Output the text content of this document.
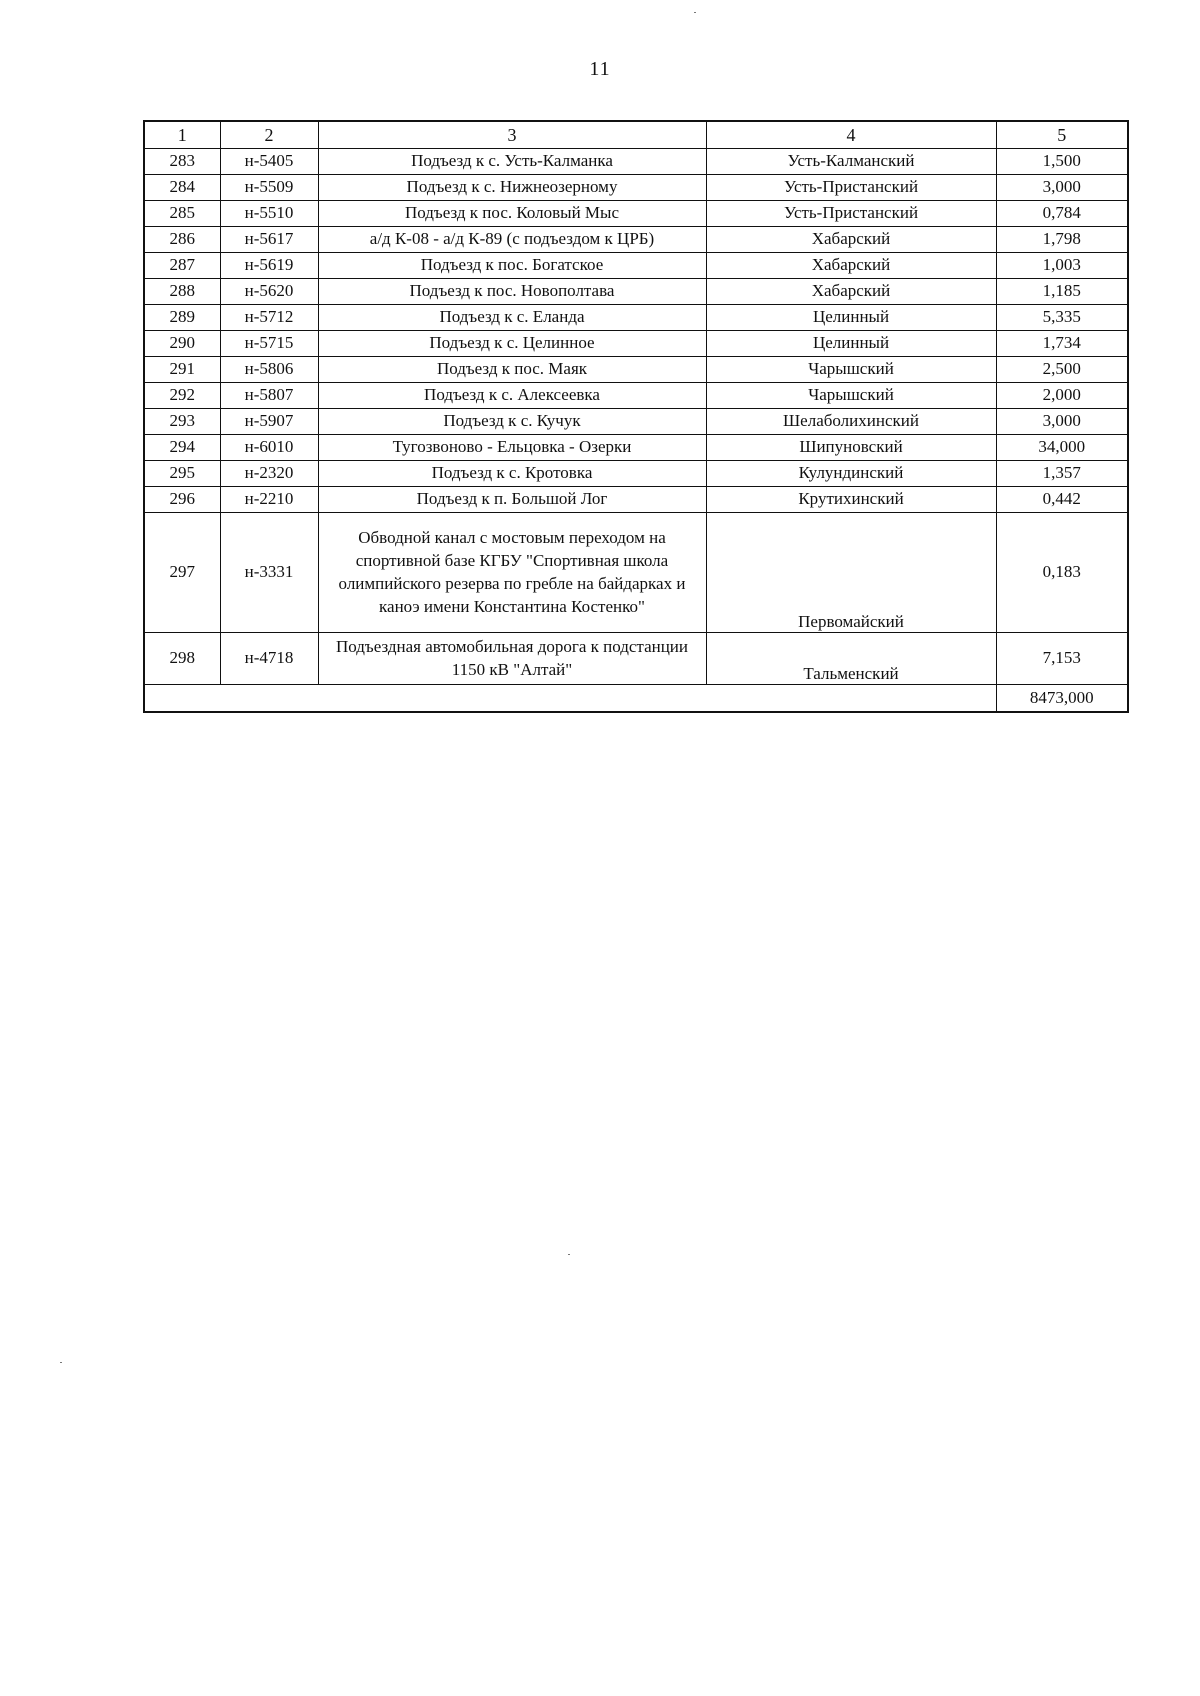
11
1	2	3	4	5
283	н-5405	Подъезд к с. Усть-Калманка	Усть-Калманский	1,500
284	н-5509	Подъезд к с. Нижнеозерному	Усть-Пристанский	3,000
285	н-5510	Подъезд к пос. Коловый Мыс	Усть-Пристанский	0,784
286	н-5617	а/д К-08 - а/д К-89 (с подъездом к ЦРБ)	Хабарский	1,798
287	н-5619	Подъезд к пос. Богатское	Хабарский	1,003
288	н-5620	Подъезд к пос. Новополтава	Хабарский	1,185
289	н-5712	Подъезд к с. Еланда	Целинный	5,335
290	н-5715	Подъезд к с. Целинное	Целинный	1,734
291	н-5806	Подъезд к пос. Маяк	Чарышский	2,500
292	н-5807	Подъезд к с. Алексеевка	Чарышский	2,000
293	н-5907	Подъезд к с. Кучук	Шелаболихинский	3,000
294	н-6010	Тугозвоново - Ельцовка - Озерки	Шипуновский	34,000
295	н-2320	Подъезд к с. Кротовка	Кулундинский	1,357
296	н-2210	Подъезд к п. Большой Лог	Крутихинский	0,442
297	н-3331	Обводной канал с мостовым переходом на спортивной базе КГБУ "Спортивная школа олимпийского резерва по гребле на байдарках и каноэ имени Константина Костенко"	Первомайский	0,183
298	н-4718	Подъездная автомобильная дорога к подстанции 1150 кВ "Алтай"	Тальменский	7,153
				8473,000
